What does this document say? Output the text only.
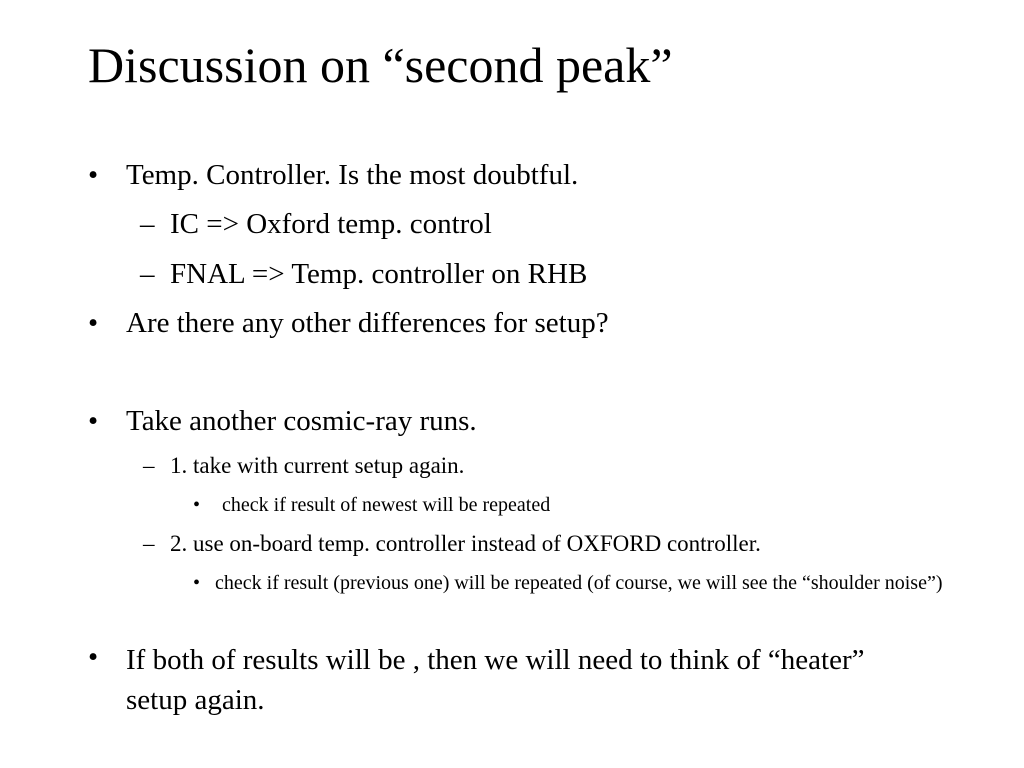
Discussion on “second peak”
• Temp. Controller. Is the most doubtful.
– IC => Oxford temp. control
– FNAL => Temp. controller on RHB
• Are there any other differences for setup?
• Take another cosmic-ray runs.
– 1. take with current setup again.
• check if result of newest will be repeated
– 2. use on-board temp. controller instead of OXFORD controller.
• check if result (previous one) will be repeated (of course, we will see the “shoulder noise”)
• If both of results will be , then we will need to think of “heater” setup again.
